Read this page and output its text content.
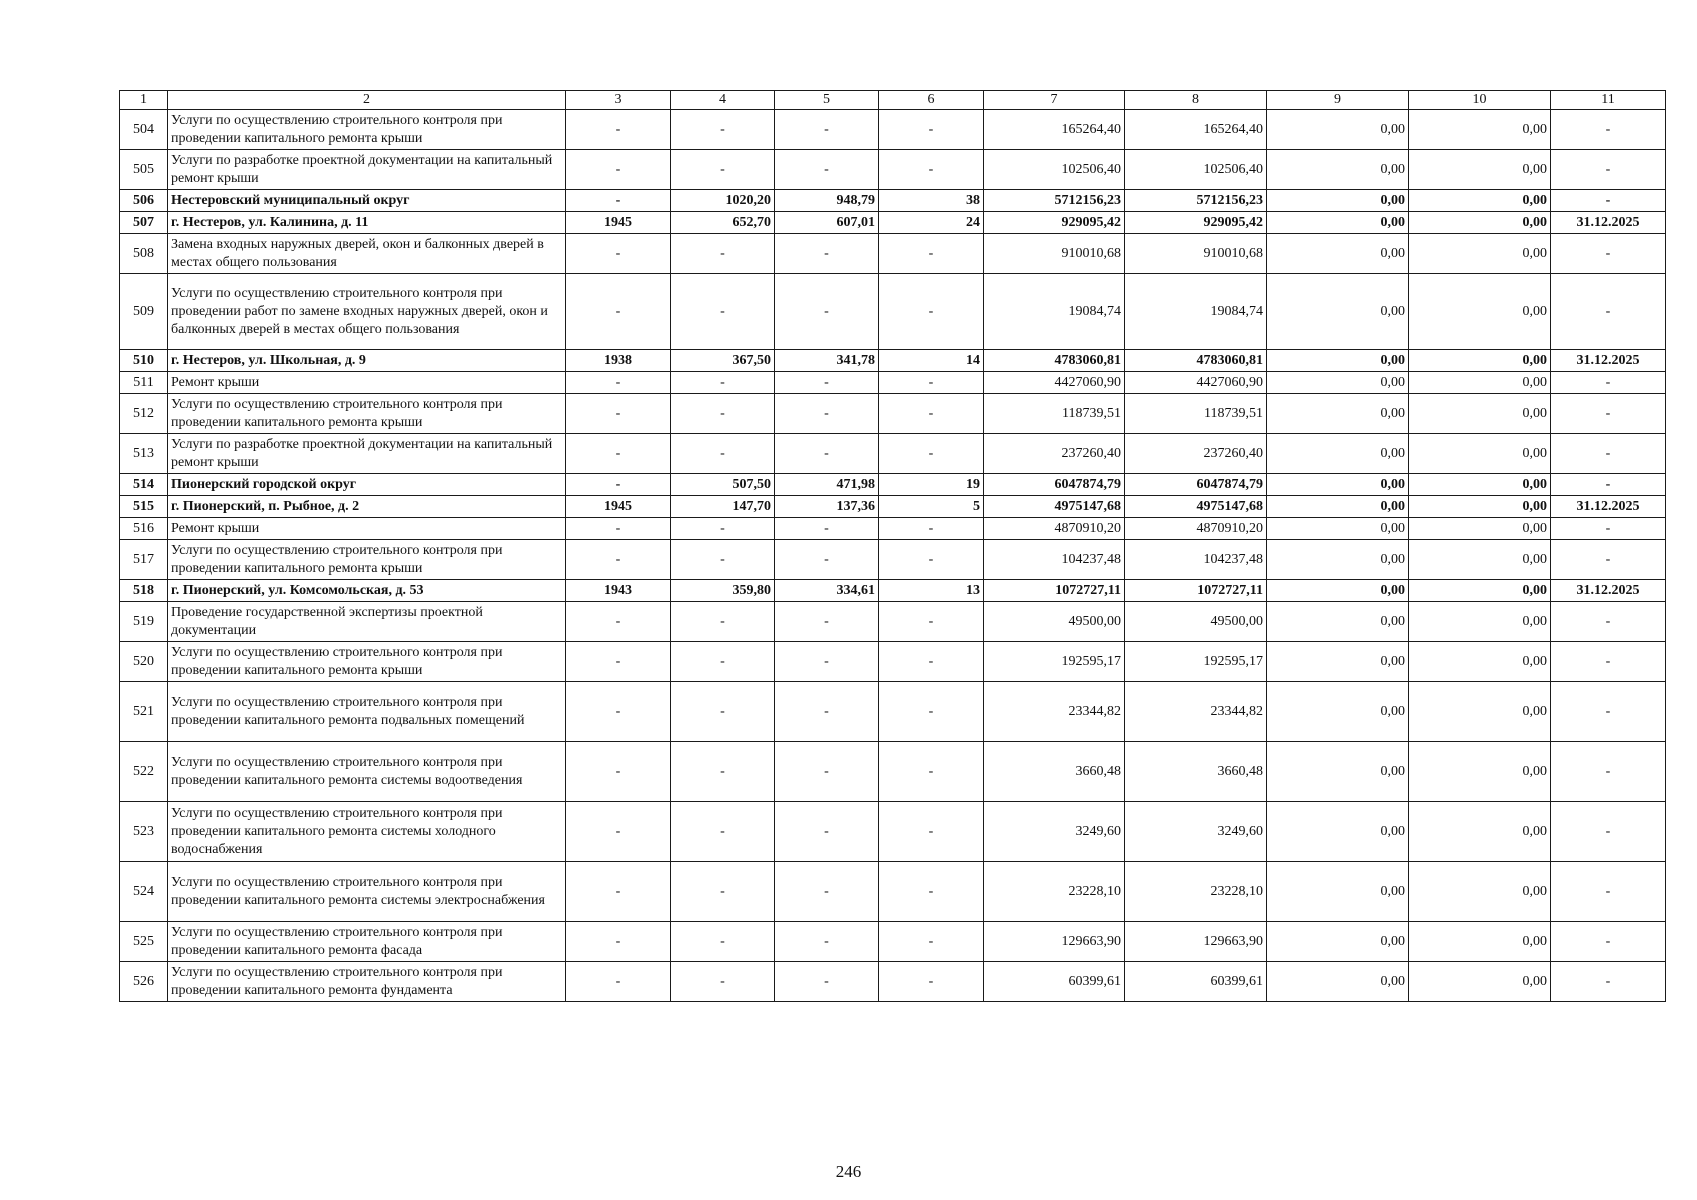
1	2	3	4	5	6	7	8	9	10	11
504	Услуги по осуществлению строительного контроля при проведении капитального ремонта крыши	-	-	-	-	165264,40	165264,40	0,00	0,00	-
505	Услуги по разработке проектной документации на капитальный ремонт крыши	-	-	-	-	102506,40	102506,40	0,00	0,00	-
506	Нестеровский муниципальный округ	-	1020,20	948,79	38	5712156,23	5712156,23	0,00	0,00	-
507	г. Нестеров, ул. Калинина, д. 11	1945	652,70	607,01	24	929095,42	929095,42	0,00	0,00	31.12.2025
508	Замена входных наружных дверей, окон и балконных дверей в местах общего пользования	-	-	-	-	910010,68	910010,68	0,00	0,00	-
509	Услуги по осуществлению строительного контроля при проведении работ по замене входных наружных дверей, окон и балконных дверей в местах общего пользования	-	-	-	-	19084,74	19084,74	0,00	0,00	-
510	г. Нестеров, ул. Школьная, д. 9	1938	367,50	341,78	14	4783060,81	4783060,81	0,00	0,00	31.12.2025
511	Ремонт крыши	-	-	-	-	4427060,90	4427060,90	0,00	0,00	-
512	Услуги по осуществлению строительного контроля при проведении капитального ремонта крыши	-	-	-	-	118739,51	118739,51	0,00	0,00	-
513	Услуги по разработке проектной документации на капитальный ремонт крыши	-	-	-	-	237260,40	237260,40	0,00	0,00	-
514	Пионерский городской округ	-	507,50	471,98	19	6047874,79	6047874,79	0,00	0,00	-
515	г. Пионерский, п. Рыбное, д. 2	1945	147,70	137,36	5	4975147,68	4975147,68	0,00	0,00	31.12.2025
516	Ремонт крыши	-	-	-	-	4870910,20	4870910,20	0,00	0,00	-
517	Услуги по осуществлению строительного контроля при проведении капитального ремонта крыши	-	-	-	-	104237,48	104237,48	0,00	0,00	-
518	г. Пионерский, ул. Комсомольская, д. 53	1943	359,80	334,61	13	1072727,11	1072727,11	0,00	0,00	31.12.2025
519	Проведение государственной экспертизы проектной документации	-	-	-	-	49500,00	49500,00	0,00	0,00	-
520	Услуги по осуществлению строительного контроля при проведении капитального ремонта крыши	-	-	-	-	192595,17	192595,17	0,00	0,00	-
521	Услуги по осуществлению строительного контроля при проведении капитального ремонта подвальных помещений	-	-	-	-	23344,82	23344,82	0,00	0,00	-
522	Услуги по осуществлению строительного контроля при проведении капитального ремонта системы водоотведения	-	-	-	-	3660,48	3660,48	0,00	0,00	-
523	Услуги по осуществлению строительного контроля при проведении капитального ремонта системы холодного водоснабжения	-	-	-	-	3249,60	3249,60	0,00	0,00	-
524	Услуги по осуществлению строительного контроля при проведении капитального ремонта системы электроснабжения	-	-	-	-	23228,10	23228,10	0,00	0,00	-
525	Услуги по осуществлению строительного контроля при проведении капитального ремонта фасада	-	-	-	-	129663,90	129663,90	0,00	0,00	-
526	Услуги по осуществлению строительного контроля при проведении капитального ремонта фундамента	-	-	-	-	60399,61	60399,61	0,00	0,00	-
246
